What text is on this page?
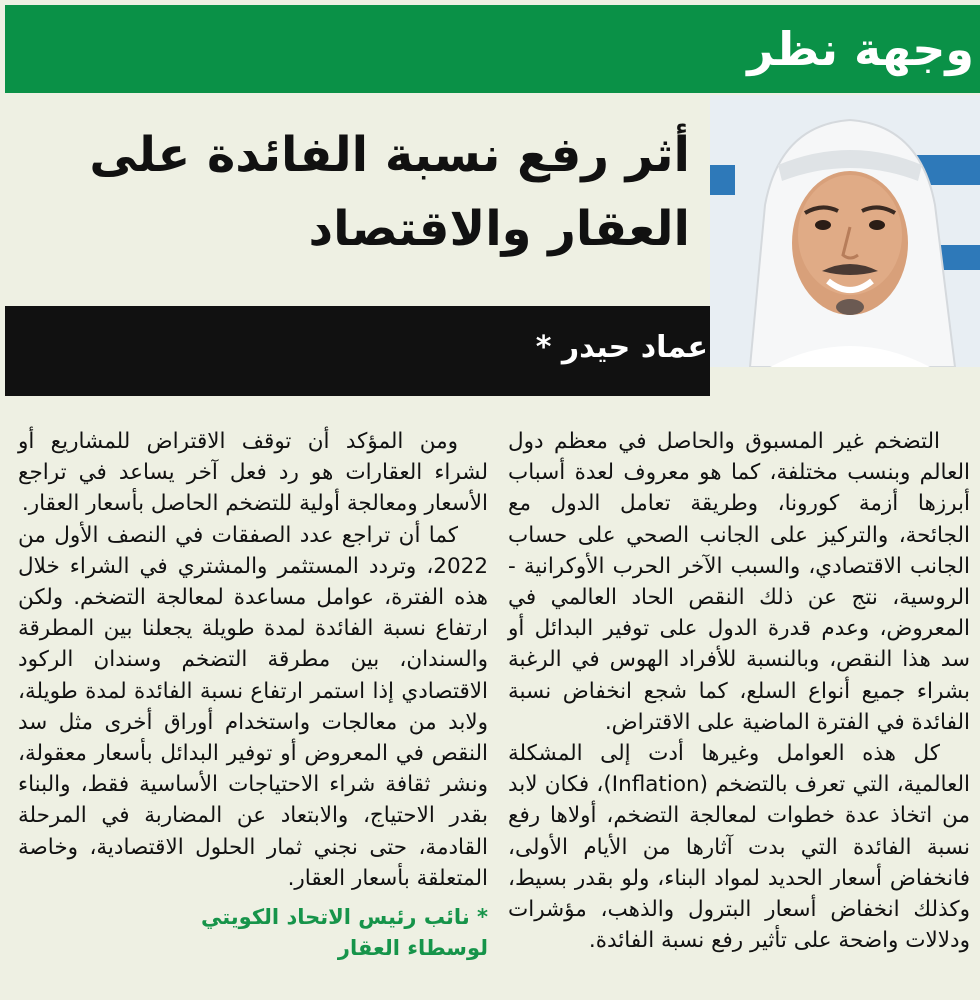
وجهة نظر
أثر رفع نسبة الفائدة على العقار والاقتصاد
عماد حيدر *

التضخم غير المسبوق والحاصل في معظم دول العالم وبنسب مختلفة، كما هو معروف لعدة أسباب أبرزها أزمة كورونا، وطريقة تعامل الدول مع الجائحة، والتركيز على الجانب الصحي على حساب الجانب الاقتصادي، والسبب الآخر الحرب الأوكرانية - الروسية، نتج عن ذلك النقص الحاد العالمي في المعروض، وعدم قدرة الدول على توفير البدائل أو سد هذا النقص، وبالنسبة للأفراد الهوس في الرغبة بشراء جميع أنواع السلع، كما شجع انخفاض نسبة الفائدة في الفترة الماضية على الاقتراض.

كل هذه العوامل وغيرها أدت إلى المشكلة العالمية، التي تعرف بالتضخم (Inflation)، فكان لابد من اتخاذ عدة خطوات لمعالجة التضخم، أولاها رفع نسبة الفائدة التي بدت آثارها من الأيام الأولى، فانخفاض أسعار الحديد لمواد البناء، ولو بقدر بسيط، وكذلك انخفاض أسعار البترول والذهب، مؤشرات ودلالات واضحة على تأثير رفع نسبة الفائدة.

ومن المؤكد أن توقف الاقتراض للمشاريع أو لشراء العقارات هو رد فعل آخر يساعد في تراجع الأسعار ومعالجة أولية للتضخم الحاصل بأسعار العقار.

كما أن تراجع عدد الصفقات في النصف الأول من 2022، وتردد المستثمر والمشتري في الشراء خلال هذه الفترة، عوامل مساعدة لمعالجة التضخم. ولكن ارتفاع نسبة الفائدة لمدة طويلة يجعلنا بين المطرقة والسندان، بين مطرقة التضخم وسندان الركود الاقتصادي إذا استمر ارتفاع نسبة الفائدة لمدة طويلة، ولابد من معالجات واستخدام أوراق أخرى مثل سد النقص في المعروض أو توفير البدائل بأسعار معقولة، ونشر ثقافة شراء الاحتياجات الأساسية فقط، والبناء بقدر الاحتياج، والابتعاد عن المضاربة في المرحلة القادمة، حتى نجني ثمار الحلول الاقتصادية، وخاصة المتعلقة بأسعار العقار.

* نائب رئيس الاتحاد الكويتي
لوسطاء العقار
